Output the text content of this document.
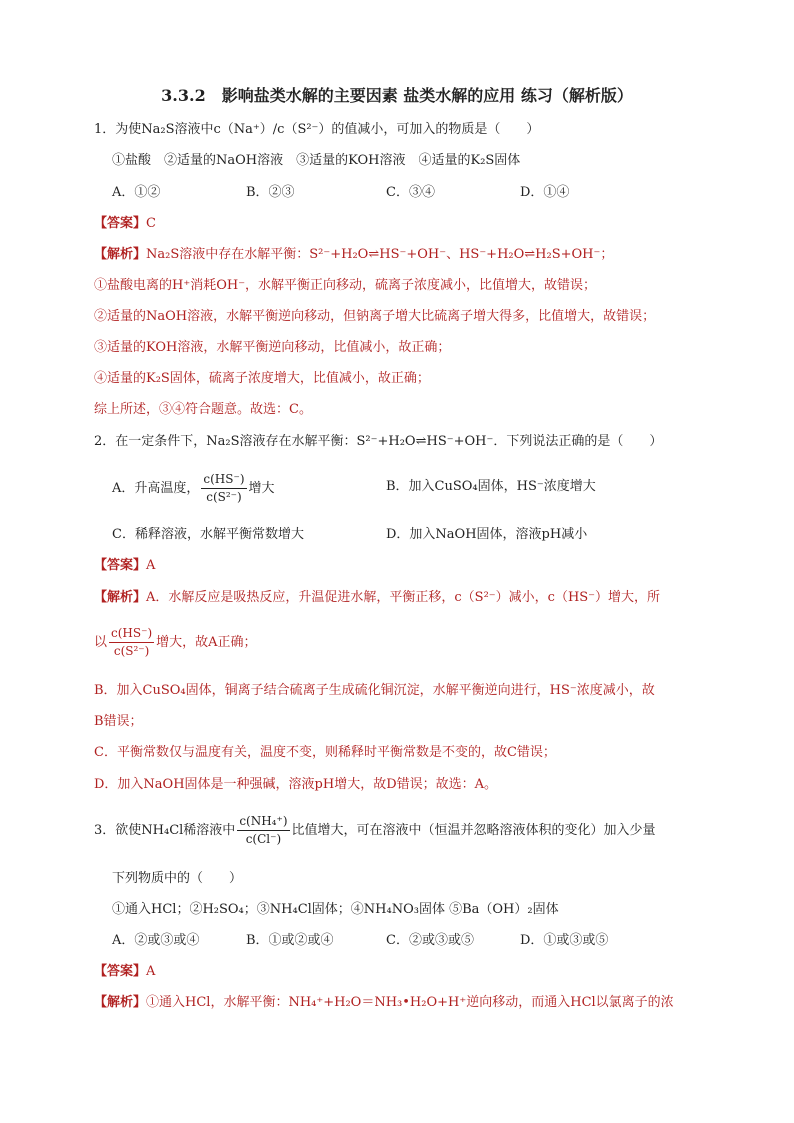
3.3.2　影响盐类水解的主要因素 盐类水解的应用 练习（解析版）
1．为使Na₂S溶液中c（Na⁺）/c（S²⁻）的值减小，可加入的物质是（　　）
①盐酸　②适量的NaOH溶液　③适量的KOH溶液　④适量的K₂S固体
A．①②	B．②③	C．③④	D．①④
【答案】C
【解析】Na₂S溶液中存在水解平衡：S²⁻+H₂O⇌HS⁻+OH⁻、HS⁻+H₂O⇌H₂S+OH⁻；
①盐酸电离的H⁺消耗OH⁻，水解平衡正向移动，硫离子浓度减小，比值增大，故错误；
②适量的NaOH溶液，水解平衡逆向移动，但钠离子增大比硫离子增大得多，比值增大，故错误；
③适量的KOH溶液，水解平衡逆向移动，比值减小，故正确；
④适量的K₂S固体，硫离子浓度增大，比值减小，故正确；
综上所述，③④符合题意。故选：C。
2．在一定条件下，Na₂S溶液存在水解平衡：S²⁻+H₂O⇌HS⁻+OH⁻．下列说法正确的是（　　）
A．升高温度， $\frac{c(HS^-)}{\text{c(S²⁻)}}$ 增大	B．加入CuSO₄固体，HS⁻浓度增大
C．稀释溶液，水解平衡常数增大	D．加入NaOH固体，溶液pH减小
【答案】A
【解析】A．水解反应是吸热反应，升温促进水解，平衡正移，c（S²⁻）减小，c（HS⁻）增大，所
以 $\frac{c(HS^-)}{\text{c(S²⁻)}}$ 增大，故A正确；
B．加入CuSO₄固体，铜离子结合硫离子生成硫化铜沉淀，水解平衡逆向进行，HS⁻浓度减小，故
B错误；
C．平衡常数仅与温度有关，温度不变，则稀释时平衡常数是不变的，故C错误；
D．加入NaOH固体是一种强碱，溶液pH增大，故D错误；故选：A。
3．欲使NH₄Cl稀溶液中 $\frac{\text{c(NH₄⁺)}}{c(Cl^-)}$ 比值增大，可在溶液中（恒温并忽略溶液体积的变化）加入少量
下列物质中的（　　）
①通入HCl；②H₂SO₄；③NH₄Cl固体；④NH₄NO₃固体 ⑤Ba（OH）₂固体
A．②或③或④	B．①或②或④	C．②或③或⑤	D．①或③或⑤
【答案】A
【解析】①通入HCl，水解平衡：NH₄⁺+H₂O＝NH₃•H₂O+H⁺逆向移动，而通入HCl以氯离子的浓
